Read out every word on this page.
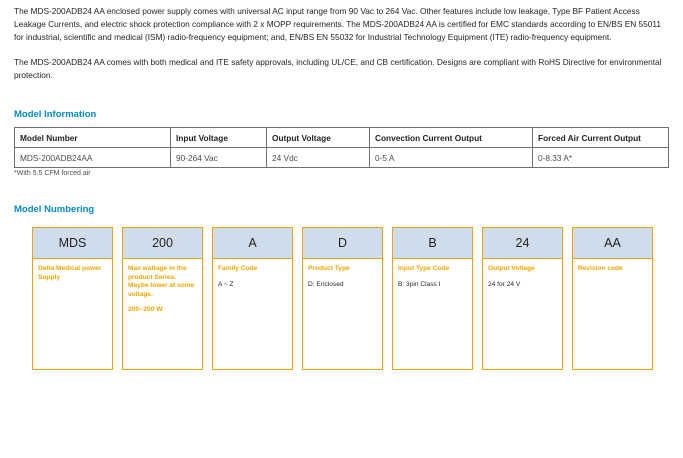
The MDS-200ADB24 AA enclosed power supply comes with universal AC input range from 90 Vac to 264 Vac. Other features include low leakage, Type BF Patient Access Leakage Currents, and electric shock protection compliance with 2 x MOPP requirements. The MDS-200ADB24 AA is certified for EMC standards according to EN/BS EN 55011 for industrial, scientific and medical (ISM) radio-frequency equipment; and, EN/BS EN 55032 for Industrial Technology Equipment (ITE) radio-frequency equipment.

The MDS-200ADB24 AA comes with both medical and ITE safety approvals, including UL/CE, and CB certification. Designs are compliant with RoHS Directive for environmental protection.

Model Information
Model Number	Input Voltage	Output Voltage	Convection Current Output	Forced Air Current Output
MDS-200ADB24AA	90-264 Vac	24 Vdc	0-5 A	0-8.33 A*
*With 5.5 CFM forced air
Model Numbering
MDS

Delta Medical power Supply

200

Max wattage in the product Series. Maybe lower at some voltage.

200--200 W

A

Family Code

A ~ Z

D

Product Type

D: Enclosed

B

Input Type Code

B: 3pin Class I

24

Output Voltage

24 for 24 V

AA

Revision code
